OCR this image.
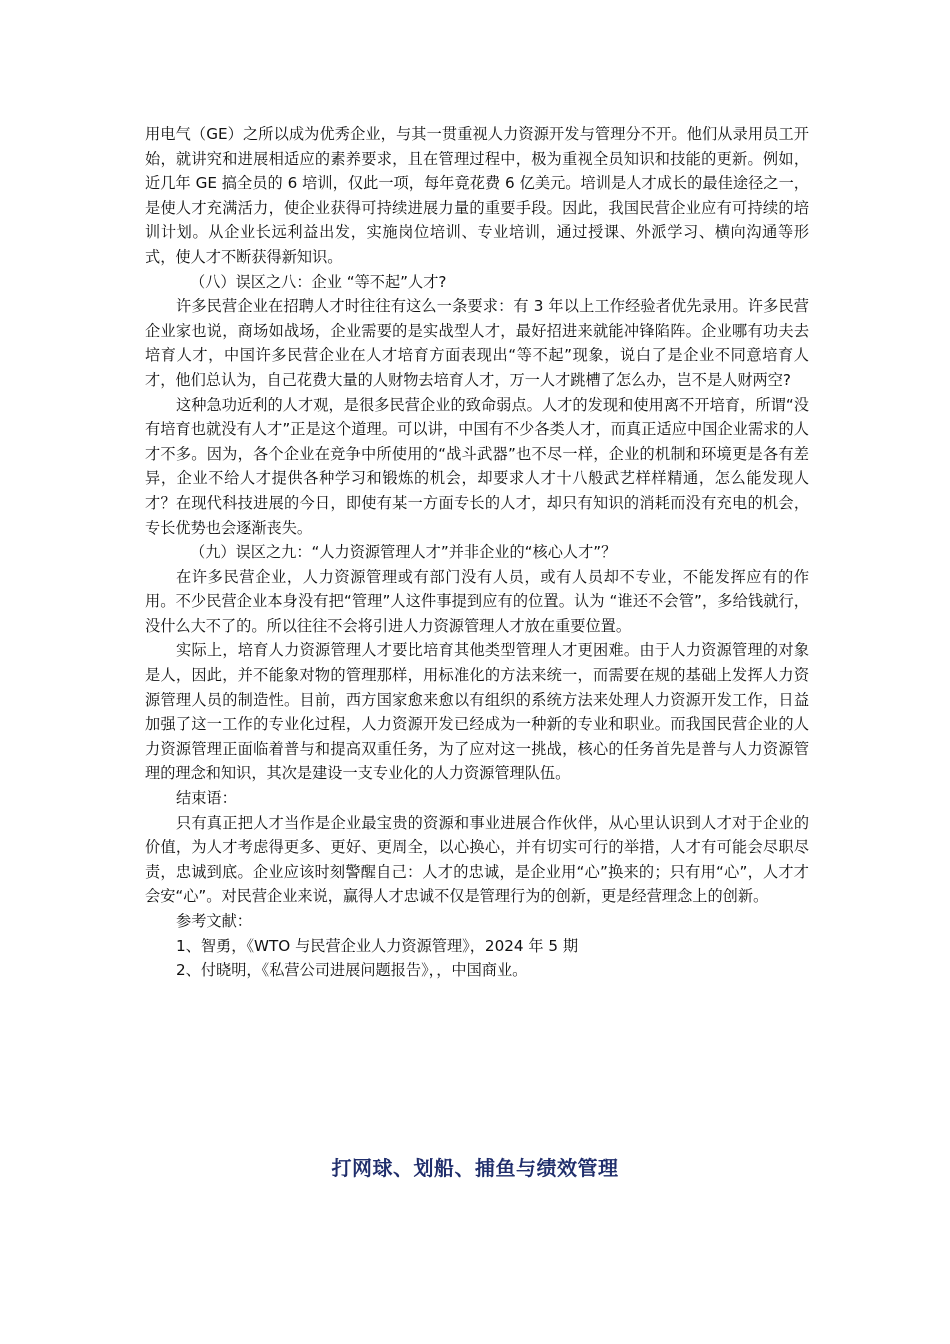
用电气（GE）之所以成为优秀企业，与其一贯重视人力资源开发与管理分不开。他们从录用员工开始，就讲究和进展相适应的素养要求，且在管理过程中，极为重视全员知识和技能的更新。例如，近几年 GE 搞全员的 6 培训，仅此一项，每年竟花费 6 亿美元。培训是人才成长的最佳途径之一，是使人才充满活力，使企业获得可持续进展力量的重要手段。因此，我国民营企业应有可持续的培训计划。从企业长远利益出发，实施岗位培训、专业培训，通过授课、外派学习、横向沟通等形式，使人才不断获得新知识。

（八）误区之八：企业 “等不起”人才?

许多民营企业在招聘人才时往往有这么一条要求：有 3 年以上工作经验者优先录用。许多民营企业家也说，商场如战场，企业需要的是实战型人才，最好招进来就能冲锋陷阵。企业哪有功夫去培育人才，中国许多民营企业在人才培育方面表现出“等不起”现象，说白了是企业不同意培育人才，他们总认为，自己花费大量的人财物去培育人才，万一人才跳槽了怎么办，岂不是人财两空?

这种急功近利的人才观，是很多民营企业的致命弱点。人才的发现和使用离不开培育，所谓“没有培育也就没有人才”正是这个道理。可以讲，中国有不少各类人才，而真正适应中国企业需求的人才不多。因为，各个企业在竞争中所使用的“战斗武器”也不尽一样，企业的机制和环境更是各有差异，企业不给人才提供各种学习和锻炼的机会，却要求人才十八般武艺样样精通，怎么能发现人才？在现代科技进展的今日，即使有某一方面专长的人才，却只有知识的消耗而没有充电的机会，专长优势也会逐渐丧失。

（九）误区之九：“人力资源管理人才”并非企业的“核心人才”？

在许多民营企业，人力资源管理或有部门没有人员，或有人员却不专业，不能发挥应有的作用。不少民营企业本身没有把“管理”人这件事提到应有的位置。认为 “谁还不会管”，多给钱就行，没什么大不了的。所以往往不会将引进人力资源管理人才放在重要位置。

实际上，培育人力资源管理人才要比培育其他类型管理人才更困难。由于人力资源管理的对象是人，因此，并不能象对物的管理那样，用标准化的方法来统一，而需要在规的基础上发挥人力资源管理人员的制造性。目前，西方国家愈来愈以有组织的系统方法来处理人力资源开发工作，日益加强了这一工作的专业化过程，人力资源开发已经成为一种新的专业和职业。而我国民营企业的人力资源管理正面临着普与和提高双重任务，为了应对这一挑战，核心的任务首先是普与人力资源管理的理念和知识，其次是建设一支专业化的人力资源管理队伍。

结束语：

只有真正把人才当作是企业最宝贵的资源和事业进展合作伙伴，从心里认识到人才对于企业的价值，为人才考虑得更多、更好、更周全，以心换心，并有切实可行的举措，人才有可能会尽职尽责，忠诚到底。企业应该时刻警醒自己：人才的忠诚，是企业用“心”换来的；只有用“心”，人才才会安“心”。对民营企业来说，赢得人才忠诚不仅是管理行为的创新，更是经营理念上的创新。

参考文献：

1、智勇，《WTO 与民营企业人力资源管理》，2024 年 5 期

2、付晓明，《私营公司进展问题报告》，，中国商业。

打网球、划船、捕鱼与绩效管理
